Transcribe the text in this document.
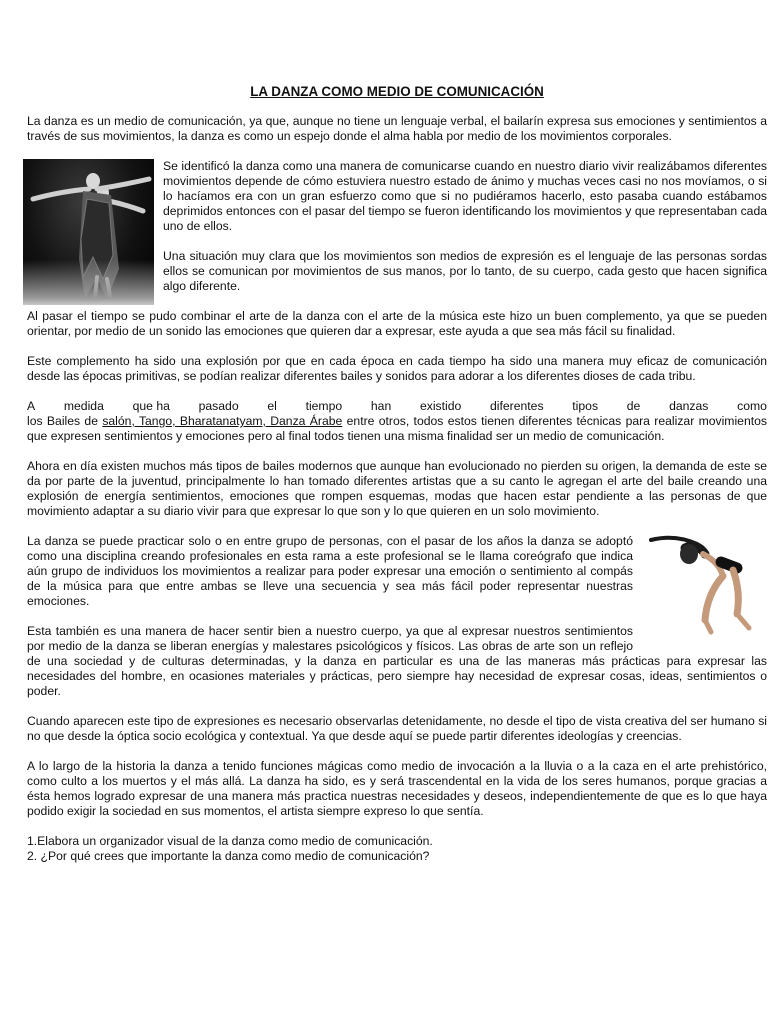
LA DANZA COMO MEDIO DE COMUNICACIÓN

La danza es un medio de comunicación, ya que, aunque no tiene un lenguaje verbal, el bailarín expresa sus emociones y sentimientos a través de sus movimientos, la danza es como un espejo donde el alma habla por medio de los movimientos corporales.

Se identificó la danza como una manera de comunicarse cuando en nuestro diario vivir realizábamos diferentes movimientos depende de cómo estuviera nuestro estado de ánimo y muchas veces casi no nos movíamos, o si lo hacíamos era con un gran esfuerzo como que si no pudiéramos hacerlo, esto pasaba cuando estábamos deprimidos entonces con el pasar del tiempo se fueron identificando los movimientos y que representaban cada uno de ellos.

Una situación muy clara que los movimientos son medios de expresión es el lenguaje de las personas sordas ellos se comunican por movimientos de sus manos, por lo tanto, de su cuerpo, cada gesto que hacen significa algo diferente.

Al pasar el tiempo se pudo combinar el arte de la danza con el arte de la música este hizo un buen complemento, ya que se pueden orientar, por medio de un sonido las emociones que quieren dar a expresar, este ayuda a que sea más fácil su finalidad.

Este complemento ha sido una explosión por que en cada época en cada tiempo ha sido una manera muy eficaz de comunicación desde las épocas primitivas, se podían realizar diferentes bailes y sonidos para adorar a los diferentes dioses de cada tribu.

A medida que ha pasado el tiempo han existido diferentes tipos de danzas como

los Bailes de salón, Tango, Bharatanatyam, Danza Árabe entre otros, todos estos tienen diferentes técnicas para realizar movimientos que expresen sentimientos y emociones pero al final todos tienen una misma finalidad ser un medio de comunicación.

Ahora en día existen muchos más tipos de bailes modernos que aunque han evolucionado no pierden su origen, la demanda de este se da por parte de la juventud, principalmente lo han tomado diferentes artistas que a su canto le agregan el arte del baile creando una explosión de energía sentimientos, emociones que rompen esquemas, modas que hacen estar pendiente a las personas de que movimiento adaptar a su diario vivir para que expresar lo que son y lo que quieren en un solo movimiento.

La danza se puede practicar solo o en entre grupo de personas, con el pasar de los años la danza se adoptó como una disciplina creando profesionales en esta rama a este profesional se le llama coreógrafo que indica aún grupo de individuos los movimientos a realizar para poder expresar una emoción o sentimiento al compás de la música para que entre ambas se lleve una secuencia y sea más fácil poder representar nuestras emociones.

Esta también es una manera de hacer sentir bien a nuestro cuerpo, ya que al expresar nuestros sentimientos por medio de la danza se liberan energías y malestares psicológicos y físicos. Las obras de arte son un reflejo de una sociedad y de culturas determinadas, y la danza en particular es una de las maneras más prácticas para expresar las necesidades del hombre, en ocasiones materiales y prácticas, pero siempre hay necesidad de expresar cosas, ideas, sentimientos o poder.

Cuando aparecen este tipo de expresiones es necesario observarlas detenidamente, no desde el tipo de vista creativa del ser humano si no que desde la óptica socio ecológica y contextual. Ya que desde aquí se puede partir diferentes ideologías y creencias.

A lo largo de la historia la danza a tenido funciones mágicas como medio de invocación a la lluvia o a la caza en el arte prehistórico, como culto a los muertos y el más allá. La danza ha sido, es y será trascendental en la vida de los seres humanos, porque gracias a ésta hemos logrado expresar de una manera más practica nuestras necesidades y deseos, independientemente de que es lo que haya podido exigir la sociedad en sus momentos, el artista siempre expreso lo que sentía.

1.Elabora un organizador visual de la danza como medio de comunicación.

2. ¿Por qué crees que importante la danza como medio de comunicación?
